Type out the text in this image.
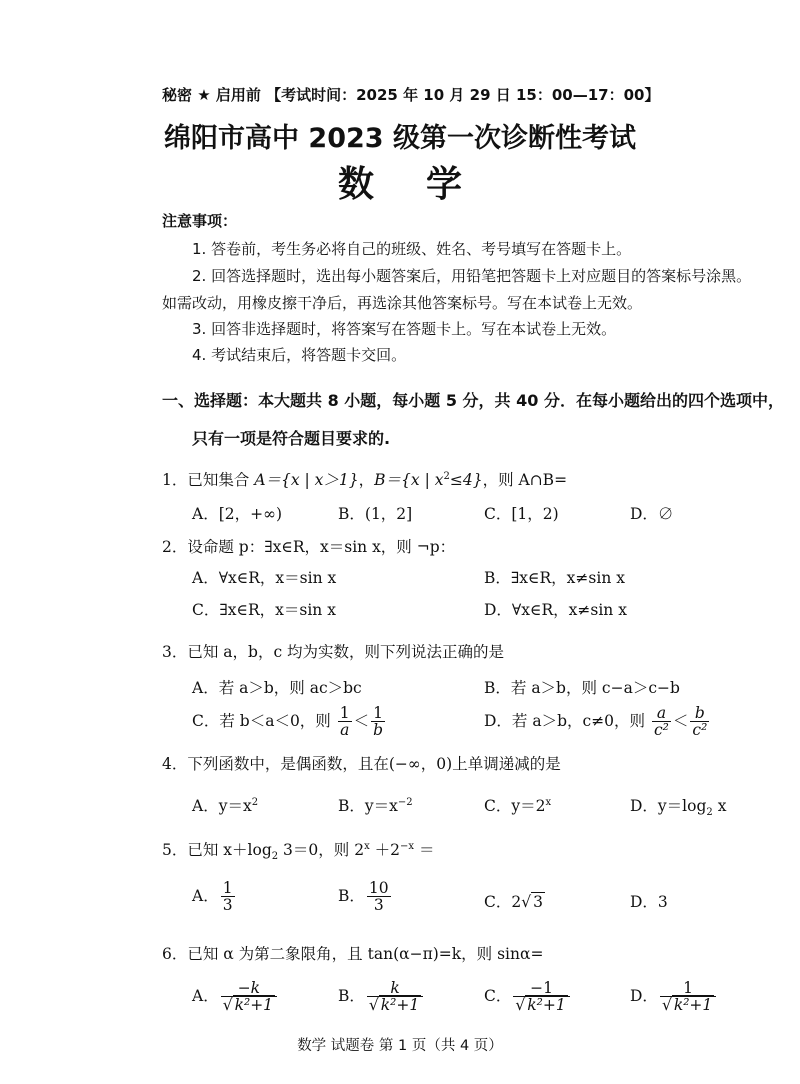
秘密 ★ 启用前 【考试时间：2025 年 10 月 29 日 15：00—17：00】
绵阳市高中 2023 级第一次诊断性考试
数学
注意事项：
1. 答卷前，考生务必将自己的班级、姓名、考号填写在答题卡上。
2. 回答选择题时，选出每小题答案后，用铅笔把答题卡上对应题目的答案标号涂黑。
如需改动，用橡皮擦干净后，再选涂其他答案标号。写在本试卷上无效。
3. 回答非选择题时，将答案写在答题卡上。写在本试卷上无效。
4. 考试结束后，将答题卡交回。
一、选择题：本大题共 8 小题，每小题 5 分，共 40 分．在每小题给出的四个选项中，
只有一项是符合题目要求的.
1．已知集合 A＝{x | x＞1}，B＝{x | $x^2\le 4$}，则 A∩B=
A．[2，+∞)	B．(1，2]	C．[1，2)	D．∅
2．设命题 p：∃x∈R，x＝sin x，则 ¬p：
A．∀x∈R，x＝sin x	B．∃x∈R，x≠sin x
C．∃x∈R，x＝sin x	D．∀x∈R，x≠sin x
3．已知 a，b，c 均为实数，则下列说法正确的是
A．若 a＞b，则 ac＞bc	B．若 a＞b，则 c−a＞c−b
C．若 b＜a＜0，则 $\frac{1}{a} < \frac{1}{b}$	D．若 a＞b，c≠0，则 $\frac{a}{\text{c²}} < \frac{b}{\text{c²}}$
4．下列函数中，是偶函数，且在(−∞，0)上单调递减的是
A．$y=x^2$	B．$y=x^{-2}$	C．$y=2^x$	D．$y=\log_2$ x
5．已知 $x+\log_2$ 3＝0，则 $2^x +2^{-x}$ ＝
A． $\frac{1}{3}$	B． $\frac{10}{3}$	C．2√ 3	D．3
6．已知 α 为第二象限角，且 tan(α−π)=k，则 sinα=
A． $\frac{-k}{\text{√ k²+1}}$	B． $\frac{k}{\text{√ k²+1}}$	C． $\frac{-1}{\text{√ k²+1}}$	D． $\frac{1}{\text{√ k²+1}}$
数学 试题卷 第 1 页（共 4 页）
